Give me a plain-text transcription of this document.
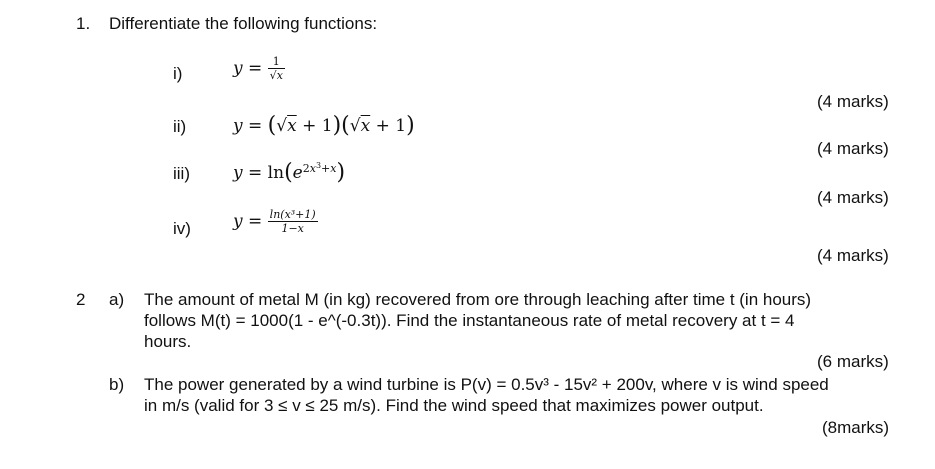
1. Differentiate the following functions:
i)	$y = \frac{1}{√x}$
(4 marks)
ii)	y = (√x + 1)(√x + 1)
(4 marks)
iii)	$y = \ln(e^{2x^3+x})$
(4 marks)
iv) $y = \frac{\text{ln(x³+1)}}{1-x}$
(4 marks)
2 a) The amount of metal M (in kg) recovered from ore through leaching after time t (in hours)
follows M(t) = 1000(1 - e^(-0.3t)). Find the instantaneous rate of metal recovery at t = 4
hours.
(6 marks)
b) The power generated by a wind turbine is P(v) = 0.5v³ - 15v² + 200v, where v is wind speed
in m/s (valid for 3 ≤ v ≤ 25 m/s). Find the wind speed that maximizes power output.
(8marks)
